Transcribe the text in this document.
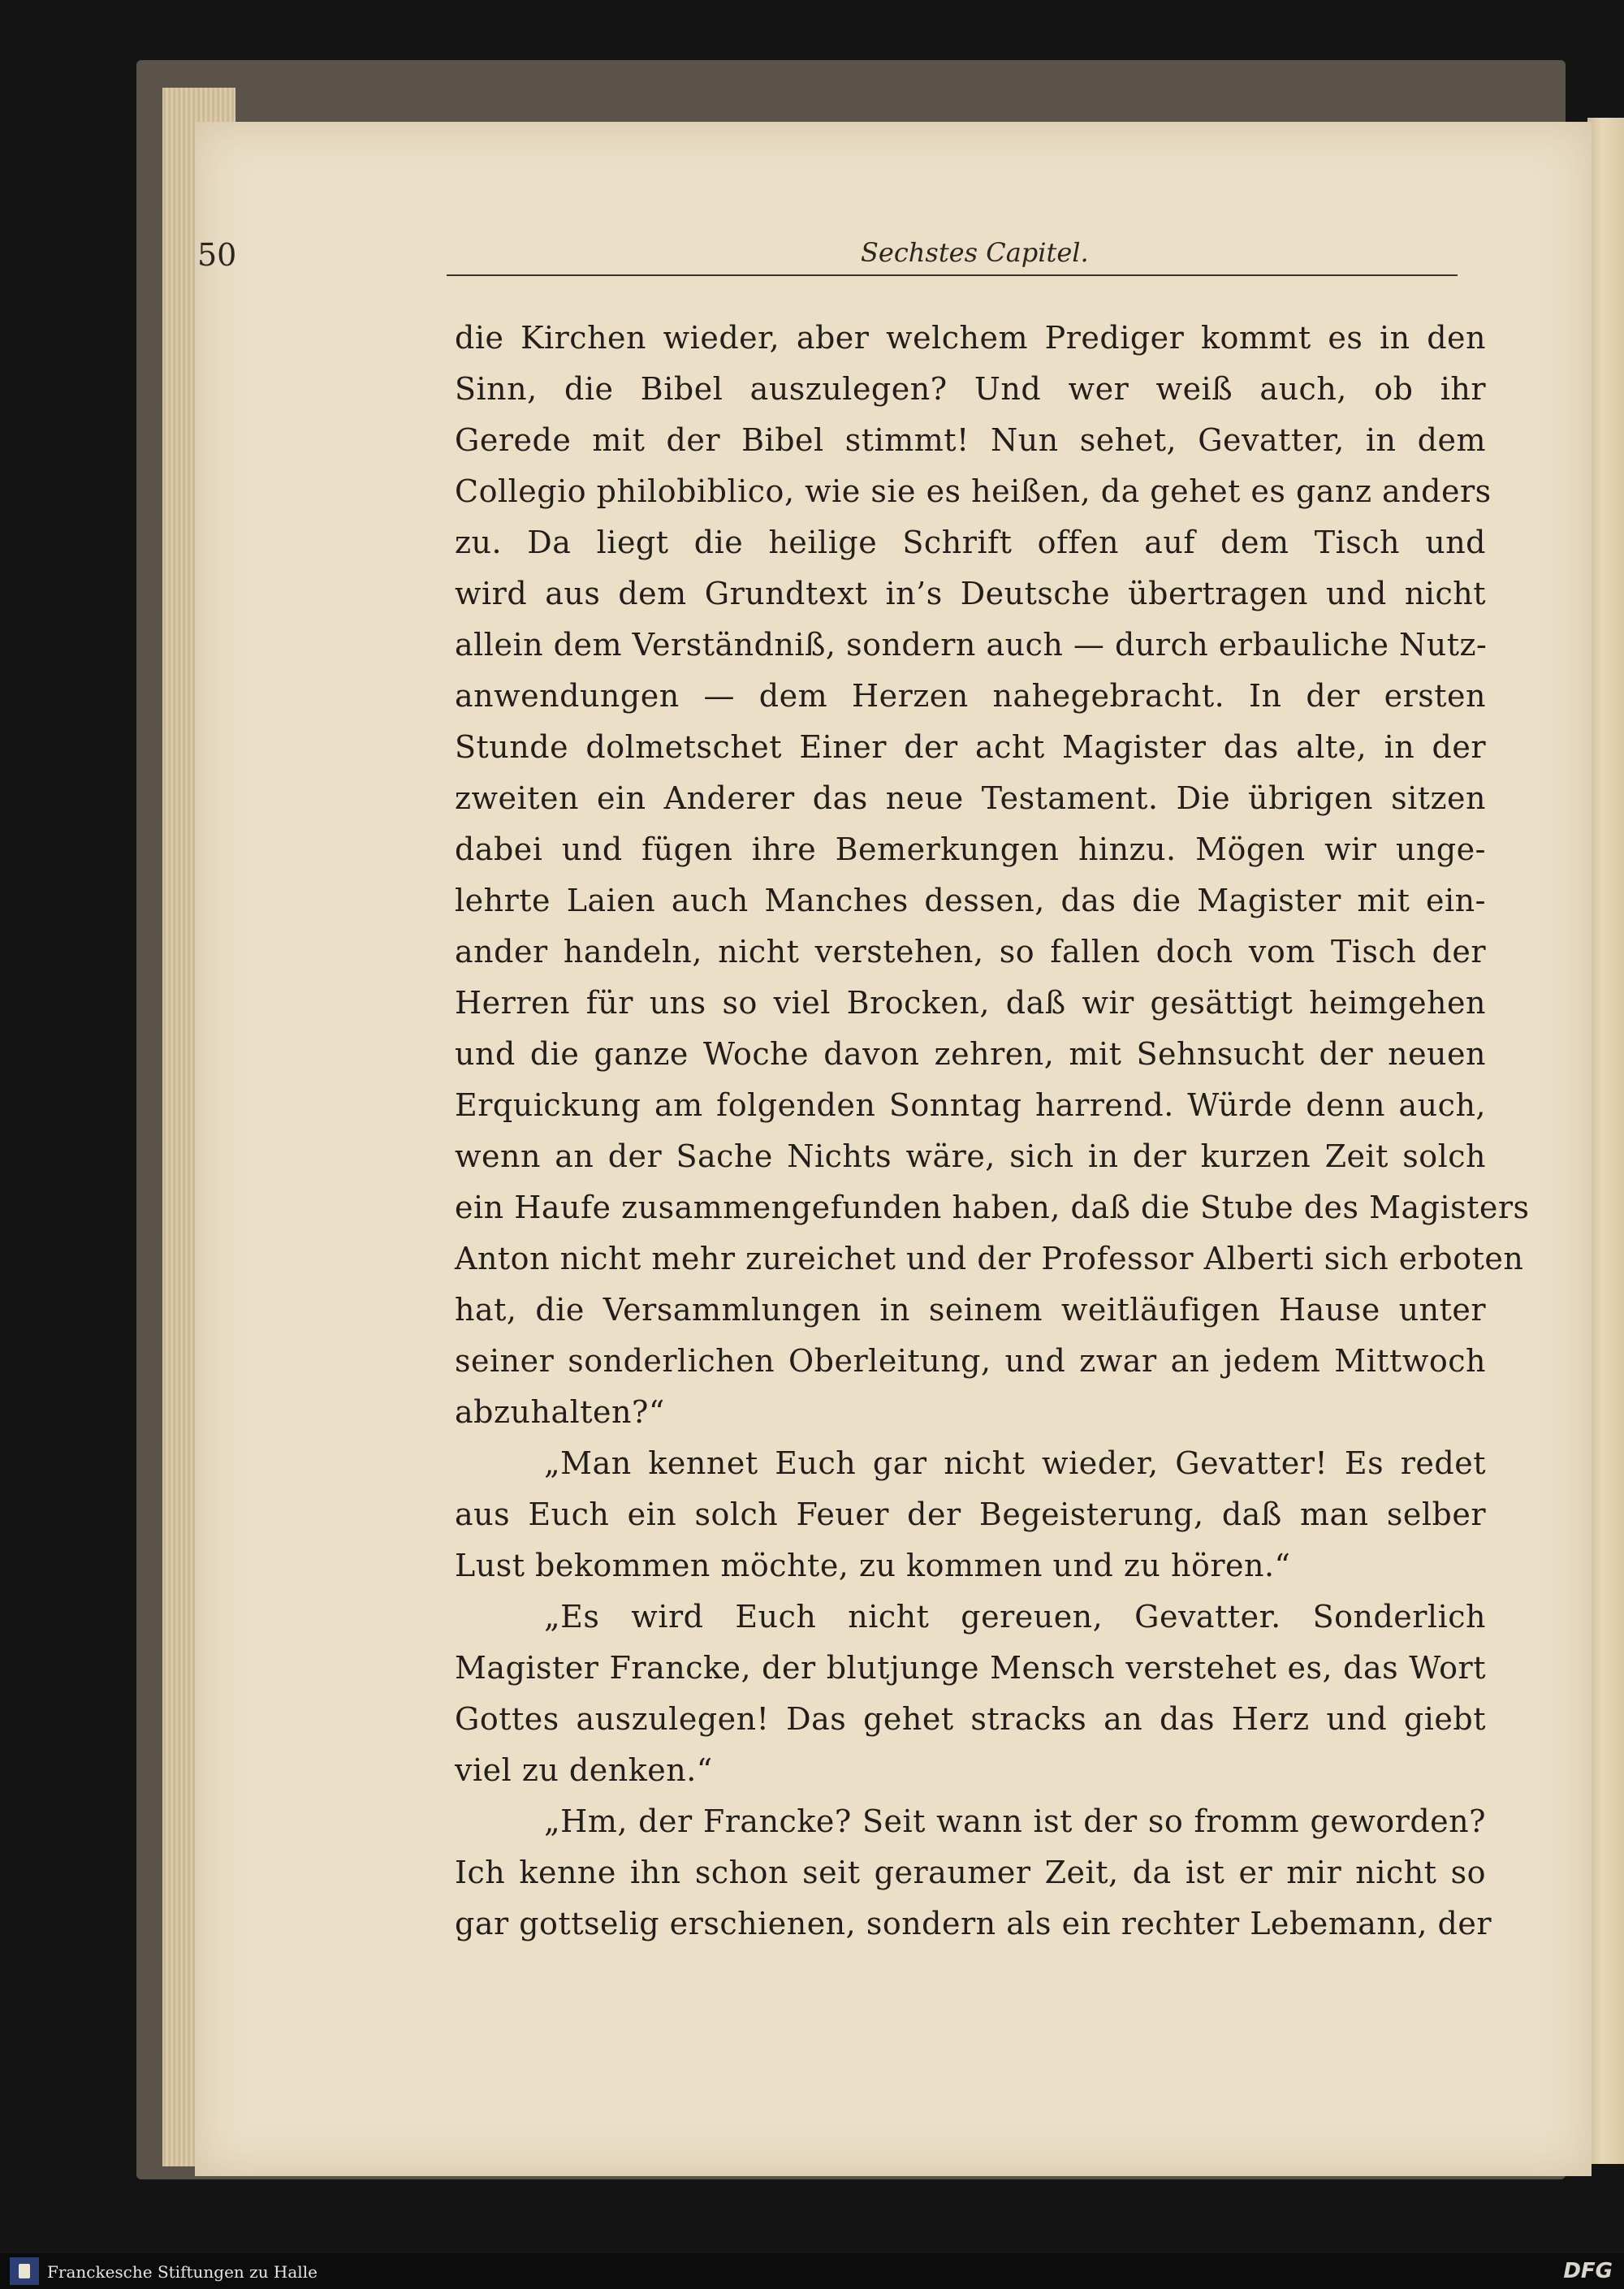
50	Sechstes Capitel.
die Kirchen wieder, aber welchem Prediger kommt es in den
Sinn, die Bibel auszulegen? Und wer weiß auch, ob ihr
Gerede mit der Bibel stimmt! Nun sehet, Gevatter, in dem
Collegio philobiblico, wie sie es heißen, da gehet es ganz anders
zu. Da liegt die heilige Schrift offen auf dem Tisch und
wird aus dem Grundtext in’s Deutsche übertragen und nicht
allein dem Verständniß, sondern auch — durch erbauliche Nutz-
anwendungen — dem Herzen nahegebracht. In der ersten
Stunde dolmetschet Einer der acht Magister das alte, in der
zweiten ein Anderer das neue Testament. Die übrigen sitzen
dabei und fügen ihre Bemerkungen hinzu. Mögen wir unge-
lehrte Laien auch Manches dessen, das die Magister mit ein-
ander handeln, nicht verstehen, so fallen doch vom Tisch der
Herren für uns so viel Brocken, daß wir gesättigt heimgehen
und die ganze Woche davon zehren, mit Sehnsucht der neuen
Erquickung am folgenden Sonntag harrend. Würde denn auch,
wenn an der Sache Nichts wäre, sich in der kurzen Zeit solch
ein Haufe zusammengefunden haben, daß die Stube des Magisters
Anton nicht mehr zureichet und der Professor Alberti sich erboten
hat, die Versammlungen in seinem weitläufigen Hause unter
seiner sonderlichen Oberleitung, und zwar an jedem Mittwoch
abzuhalten?“
„Man kennet Euch gar nicht wieder, Gevatter! Es redet
aus Euch ein solch Feuer der Begeisterung, daß man selber
Lust bekommen möchte, zu kommen und zu hören.“
„Es wird Euch nicht gereuen, Gevatter. Sonderlich
Magister Francke, der blutjunge Mensch verstehet es, das Wort
Gottes auszulegen! Das gehet stracks an das Herz und giebt
viel zu denken.“
„Hm, der Francke? Seit wann ist der so fromm geworden?
Ich kenne ihn schon seit geraumer Zeit, da ist er mir nicht so
gar gottselig erschienen, sondern als ein rechter Lebemann, der
Franckesche Stiftungen zu Halle	DFG
